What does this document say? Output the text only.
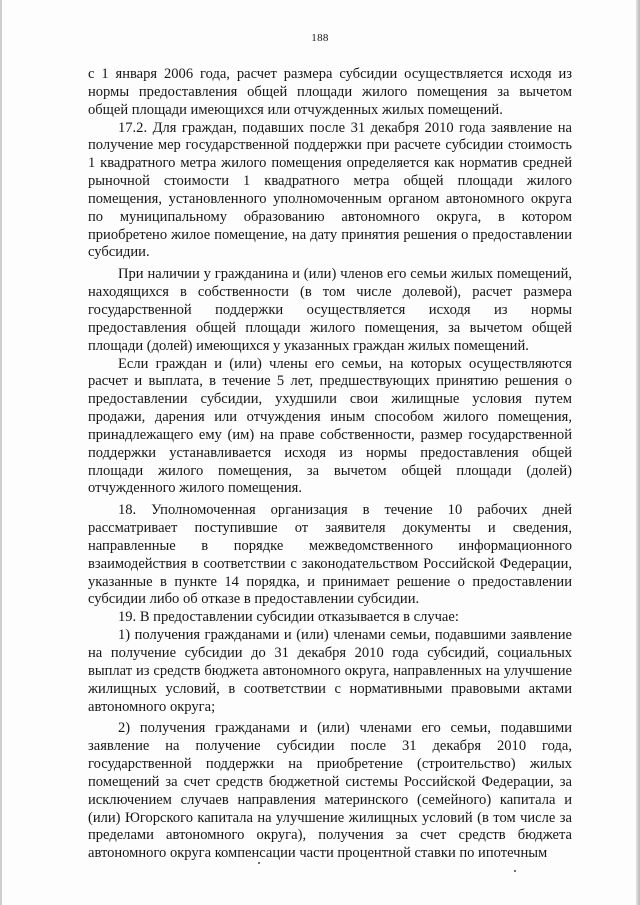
188

с 1 января 2006 года, расчет размера субсидии осуществляется исходя из нормы предоставления общей площади жилого помещения за вычетом общей площади имеющихся или отчужденных жилых помещений.

17.2. Для граждан, подавших после 31 декабря 2010 года заявление на получение мер государственной поддержки при расчете субсидии стоимость 1 квадратного метра жилого помещения определяется как норматив средней рыночной стоимости 1 квадратного метра общей площади жилого помещения, установленного уполномоченным органом автономного округа по муниципальному образованию автономного округа, в котором приобретено жилое помещение, на дату принятия решения о предоставлении субсидии.

При наличии у гражданина и (или) членов его семьи жилых помещений, находящихся в собственности (в том числе долевой), расчет размера государственной поддержки осуществляется исходя из нормы предоставления общей площади жилого помещения, за вычетом общей площади (долей) имеющихся у указанных граждан жилых помещений.

Если граждан и (или) члены его семьи, на которых осуществляются расчет и выплата, в течение 5 лет, предшествующих принятию решения о предоставлении субсидии, ухудшили свои жилищные условия путем продажи, дарения или отчуждения иным способом жилого помещения, принадлежащего ему (им) на праве собственности, размер государственной поддержки устанавливается исходя из нормы предоставления общей площади жилого помещения, за вычетом общей площади (долей) отчужденного жилого помещения.

18. Уполномоченная организация в течение 10 рабочих дней рассматривает поступившие от заявителя документы и сведения, направленные в порядке межведомственного информационного взаимодействия в соответствии с законодательством Российской Федерации, указанные в пункте 14 порядка, и принимает решение о предоставлении субсидии либо об отказе в предоставлении субсидии.

19. В предоставлении субсидии отказывается в случае:

1) получения гражданами и (или) членами семьи, подавшими заявление на получение субсидии до 31 декабря 2010 года субсидий, социальных выплат из средств бюджета автономного округа, направленных на улучшение жилищных условий, в соответствии с нормативными правовыми актами автономного округа;

2) получения гражданами и (или) членами его семьи, подавшими заявление на получение субсидии после 31 декабря 2010 года, государственной поддержки на приобретение (строительство) жилых помещений за счет средств бюджетной системы Российской Федерации, за исключением случаев направления материнского (семейного) капитала и (или) Югорского капитала на улучшение жилищных условий (в том числе за пределами автономного округа), получения за счет средств бюджета автономного округа компенсации части процентной ставки по ипотечным
